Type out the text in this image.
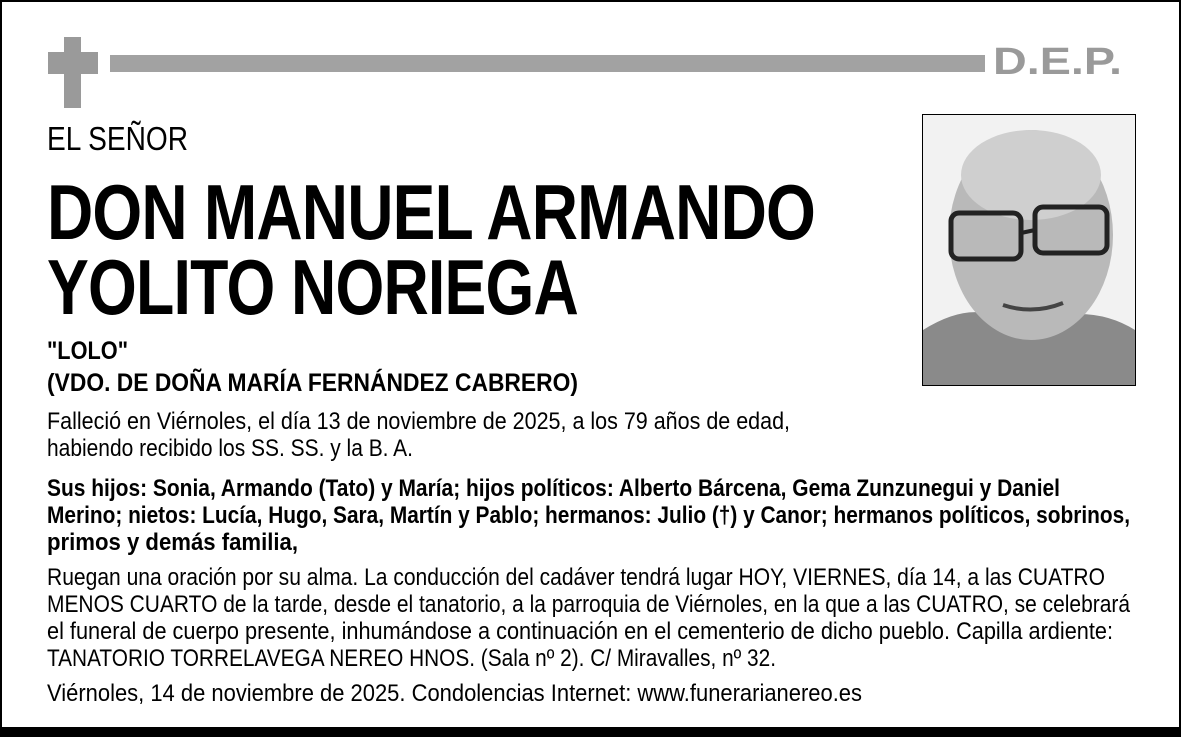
D.E.P.
EL SEÑOR
DON MANUEL ARMANDO
YOLITO NORIEGA
"LOLO"
(VDO. DE DOÑA MARÍA FERNÁNDEZ CABRERO)
Falleció en Viérnoles, el día 13 de noviembre de 2025, a los 79 años de edad,
habiendo recibido los SS. SS. y la B. A.
Sus hijos: Sonia, Armando (Tato) y María; hijos políticos: Alberto Bárcena, Gema Zunzunegui y Daniel
Merino; nietos: Lucía, Hugo, Sara, Martín y Pablo; hermanos: Julio (†) y Canor; hermanos políticos, sobrinos,
primos y demás familia,
Ruegan una oración por su alma. La conducción del cadáver tendrá lugar HOY, VIERNES, día 14, a las CUATRO
MENOS CUARTO de la tarde, desde el tanatorio, a la parroquia de Viérnoles, en la que a las CUATRO, se celebrará
el funeral de cuerpo presente, inhumándose a continuación en el cementerio de dicho pueblo. Capilla ardiente:
TANATORIO TORRELAVEGA NEREO HNOS. (Sala nº 2). C/ Miravalles, nº 32.
Viérnoles, 14 de noviembre de 2025. Condolencias Internet: www.funerarianereo.es
